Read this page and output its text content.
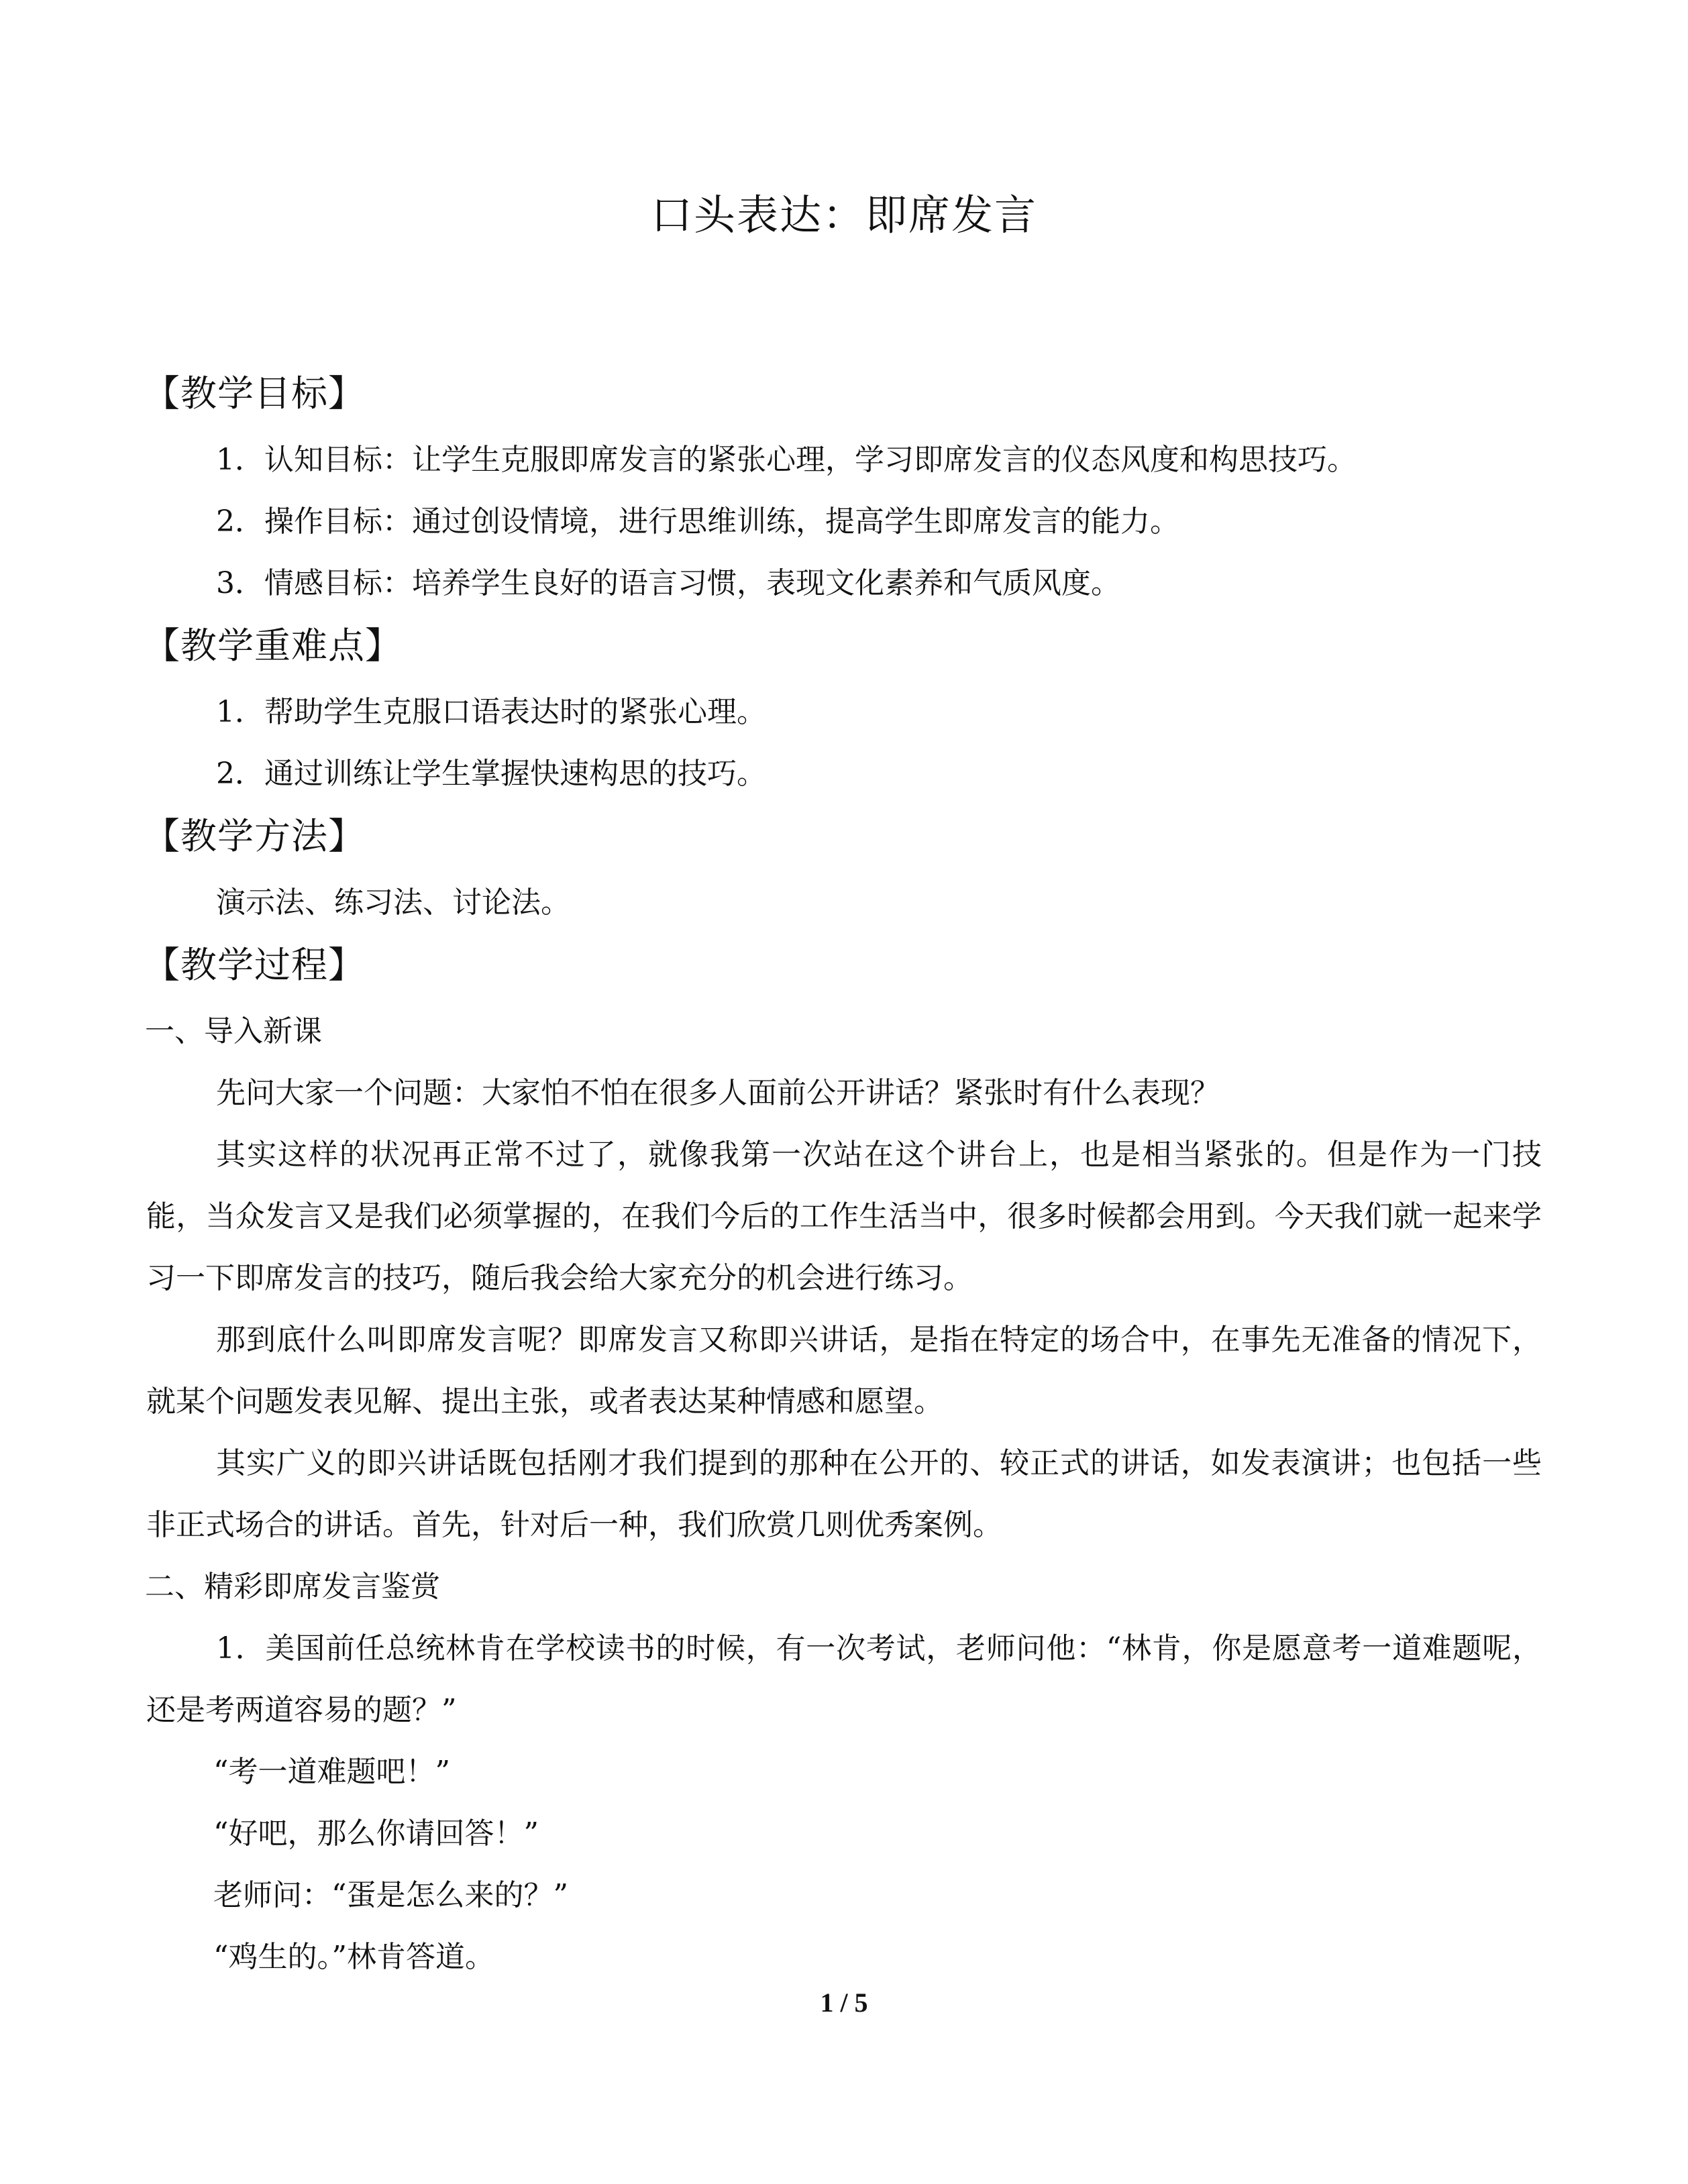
口头表达：即席发言
【教学目标】
1．认知目标：让学生克服即席发言的紧张心理，学习即席发言的仪态风度和构思技巧。
2．操作目标：通过创设情境，进行思维训练，提高学生即席发言的能力。
3．情感目标：培养学生良好的语言习惯，表现文化素养和气质风度。
【教学重难点】
1．帮助学生克服口语表达时的紧张心理。
2．通过训练让学生掌握快速构思的技巧。
【教学方法】
演示法、练习法、讨论法。
【教学过程】
一、导入新课
先问大家一个问题：大家怕不怕在很多人面前公开讲话？紧张时有什么表现？
其实这样的状况再正常不过了，就像我第一次站在这个讲台上，也是相当紧张的。但是作为一门技能，当众发言又是我们必须掌握的，在我们今后的工作生活当中，很多时候都会用到。今天我们就一起来学习一下即席发言的技巧，随后我会给大家充分的机会进行练习。
那到底什么叫即席发言呢？即席发言又称即兴讲话，是指在特定的场合中，在事先无准备的情况下，就某个问题发表见解、提出主张，或者表达某种情感和愿望。
其实广义的即兴讲话既包括刚才我们提到的那种在公开的、较正式的讲话，如发表演讲；也包括一些非正式场合的讲话。首先，针对后一种，我们欣赏几则优秀案例。
二、精彩即席发言鉴赏
1．美国前任总统林肯在学校读书的时候，有一次考试，老师问他：“林肯，你是愿意考一道难题呢，还是考两道容易的题？”
“考一道难题吧！”
“好吧，那么你请回答！”
老师问：“蛋是怎么来的？”
“鸡生的。”林肯答道。
1 / 5
